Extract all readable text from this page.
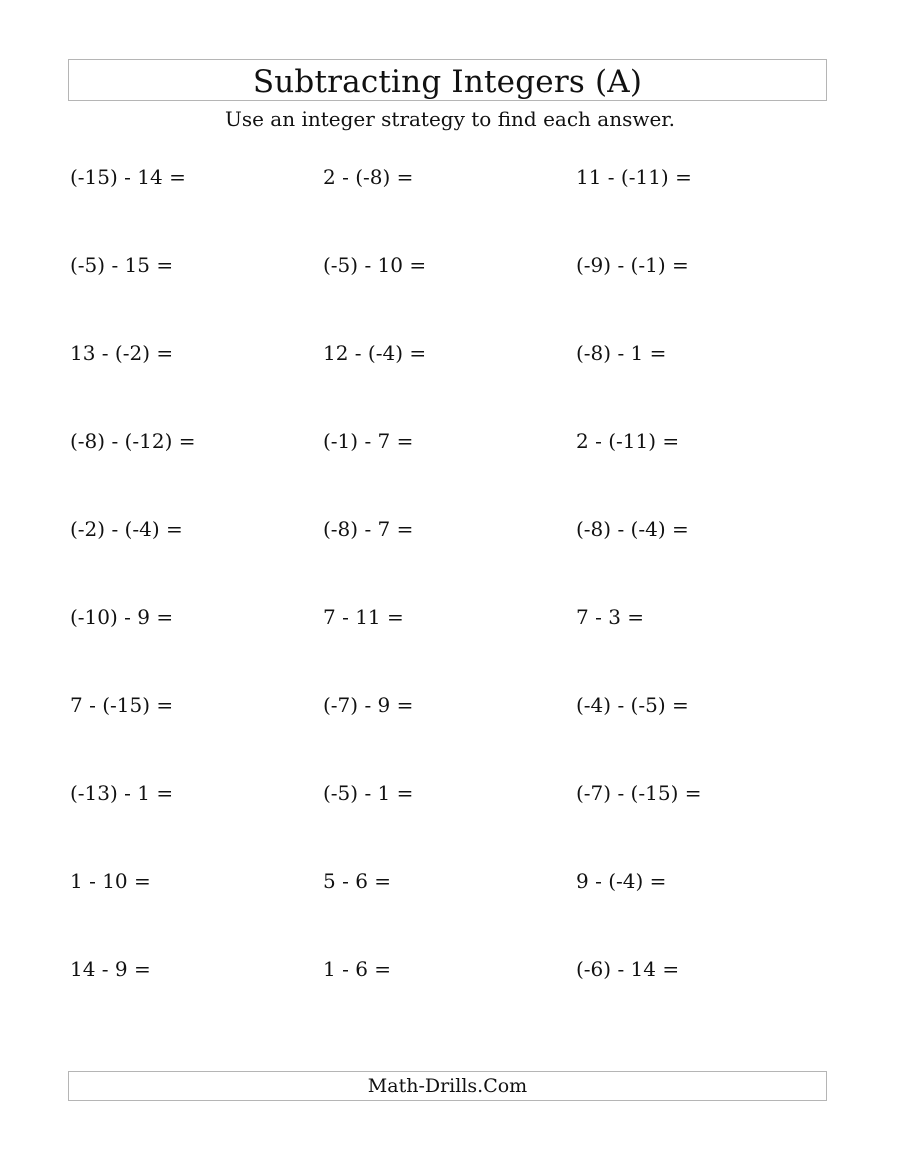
Subtracting Integers (A)
Use an integer strategy to find each answer.
(-15) - 14 =	2 - (-8) =	11 - (-11) =
(-5) - 15 =	(-5) - 10 =	(-9) - (-1) =
13 - (-2) =	12 - (-4) =	(-8) - 1 =
(-8) - (-12) =	(-1) - 7 =	2 - (-11) =
(-2) - (-4) =	(-8) - 7 =	(-8) - (-4) =
(-10) - 9 =	7 - 11 =	7 - 3 =
7 - (-15) =	(-7) - 9 =	(-4) - (-5) =
(-13) - 1 =	(-5) - 1 =	(-7) - (-15) =
1 - 10 =	5 - 6 =	9 - (-4) =
14 - 9 =	1 - 6 =	(-6) - 14 =
Math-Drills.Com
